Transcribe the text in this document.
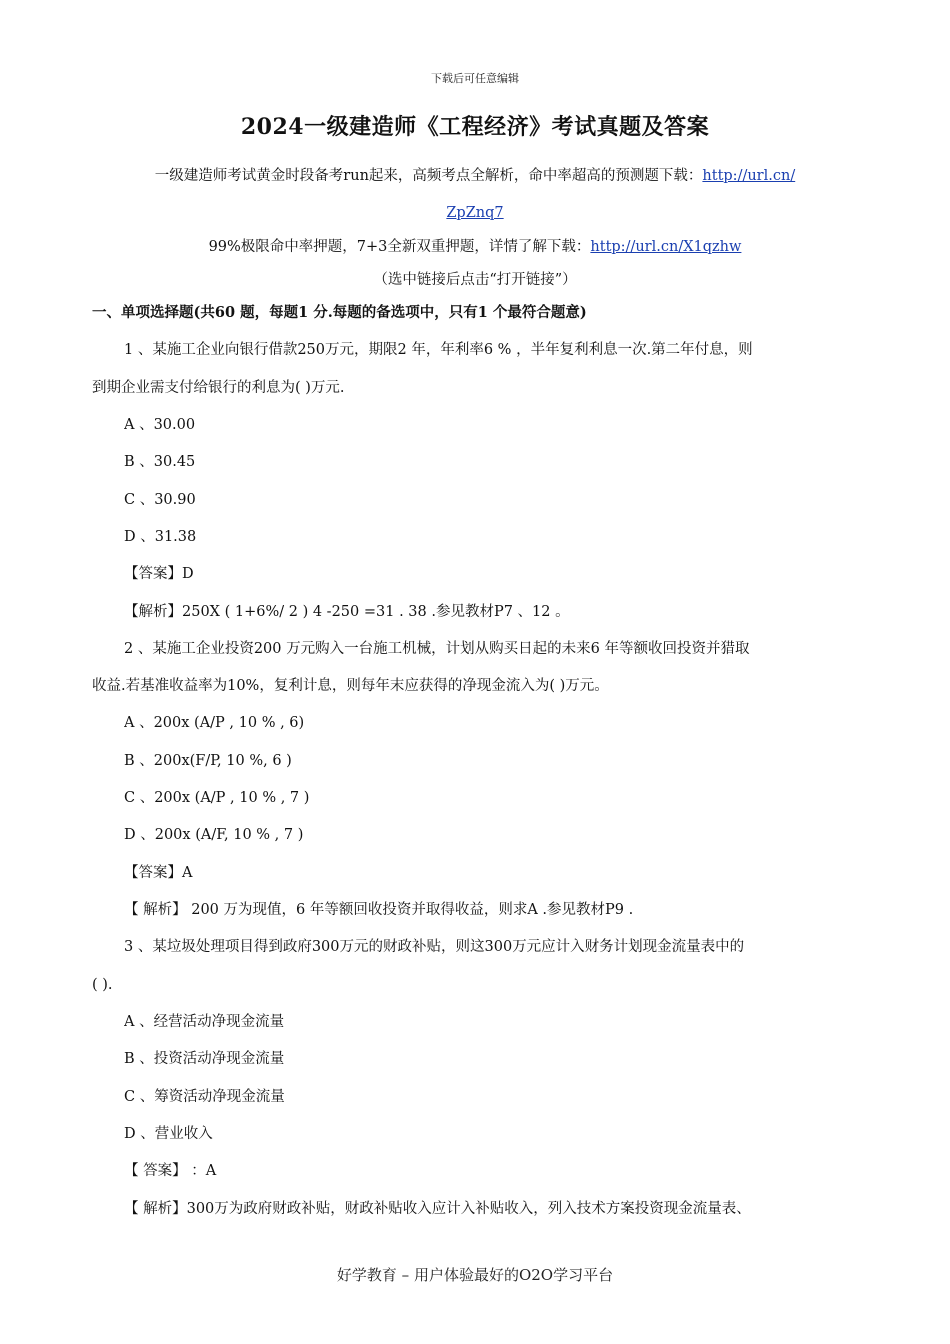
下载后可任意编辑
2024一级建造师《工程经济》考试真题及答案
一级建造师考试黄金时段备考run起来，高频考点全解析，命中率超高的预测题下载：http://url.cn/
ZpZnq7
99%极限命中率押题，7+3全新双重押题，详情了解下载：http://url.cn/X1qzhw
（选中链接后点击“打开链接”）
一、单项选择题(共60 题，每题1 分.每题的备选项中，只有1 个最符合题意)
1 、某施工企业向银行借款250万元，期限2 年，年利率6 % ，半年复利利息一次.第二年付息，则
到期企业需支付给银行的利息为( )万元.
A 、30.00
B 、30.45
C 、30.90
D 、31.38
【答案】D
【解析】250X ( 1+6%/ 2 ) 4 -250 =31 . 38 .参见教材P7 、12 。
2 、某施工企业投资200 万元购入一台施工机械，计划从购买日起的未来6 年等额收回投资并猎取
收益.若基准收益率为10%，复利计息，则每年末应获得的净现金流入为( )万元。
A 、200x (A/P , 10 % , 6)
B 、200x(F/P, 10 %, 6 )
C 、200x (A/P , 10 % , 7 )
D 、200x (A/F, 10 % , 7 )
【答案】A
【 解析】 200 万为现值，6 年等额回收投资并取得收益，则求A .参见教材P9 .
3 、某垃圾处理项目得到政府300万元的财政补贴，则这300万元应计入财务计划现金流量表中的
( ).
A 、经营活动净现金流量
B 、投资活动净现金流量
C 、筹资活动净现金流量
D 、营业收入
【 答案】 ：A
【 解析】300万为政府财政补贴，财政补贴收入应计入补贴收入，列入技术方案投资现金流量表、
好学教育 – 用户体验最好的O2O学习平台
